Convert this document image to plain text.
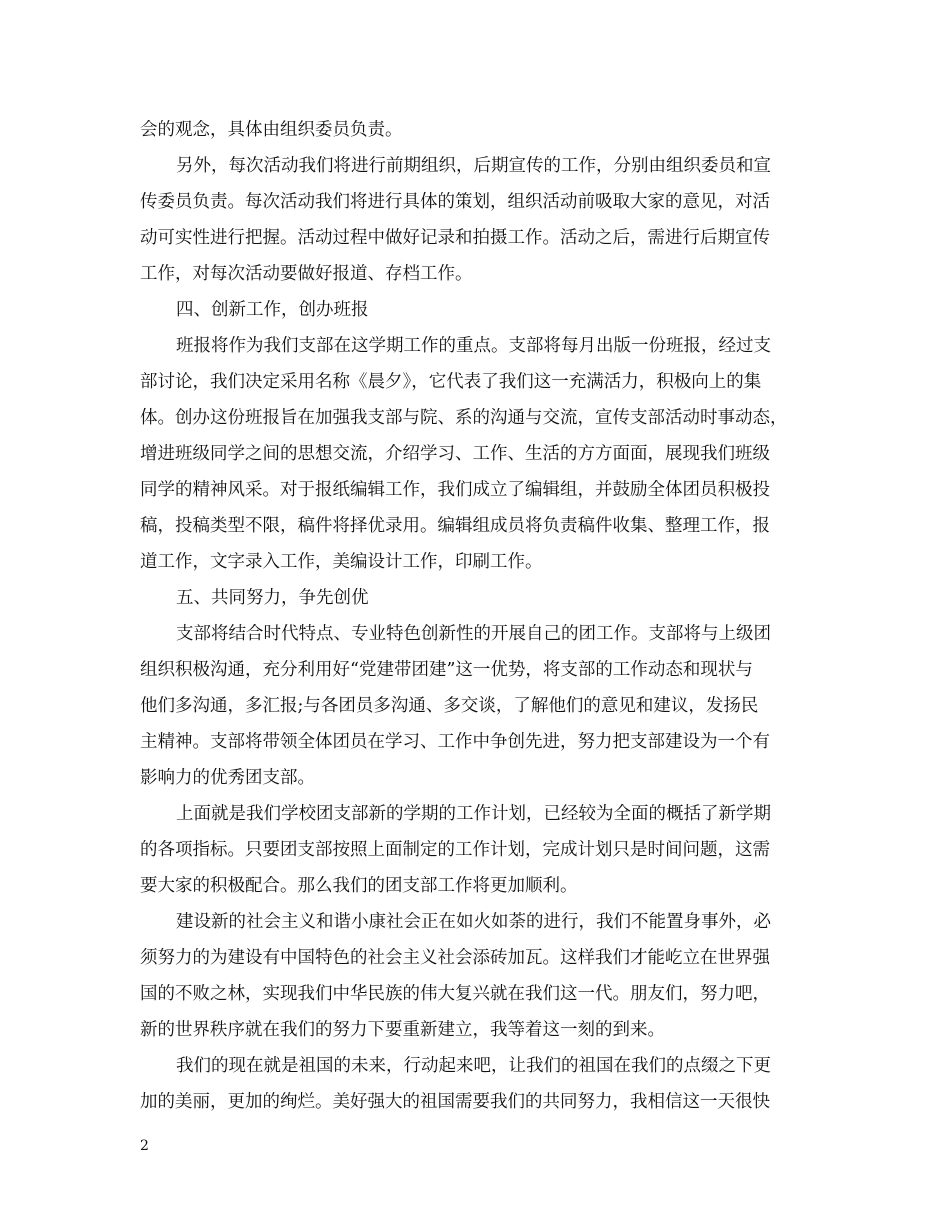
会的观念，具体由组织委员负责。
另外，每次活动我们将进行前期组织，后期宣传的工作，分别由组织委员和宣
传委员负责。每次活动我们将进行具体的策划，组织活动前吸取大家的意见，对活
动可实性进行把握。活动过程中做好记录和拍摄工作。活动之后，需进行后期宣传
工作，对每次活动要做好报道、存档工作。
四、创新工作，创办班报
班报将作为我们支部在这学期工作的重点。支部将每月出版一份班报，经过支
部讨论，我们决定采用名称《晨夕》，它代表了我们这一充满活力，积极向上的集
体。创办这份班报旨在加强我支部与院、系的沟通与交流，宣传支部活动时事动态，
增进班级同学之间的思想交流，介绍学习、工作、生活的方方面面，展现我们班级
同学的精神风采。对于报纸编辑工作，我们成立了编辑组，并鼓励全体团员积极投
稿，投稿类型不限，稿件将择优录用。编辑组成员将负责稿件收集、整理工作，报
道工作，文字录入工作，美编设计工作，印刷工作。
五、共同努力，争先创优
支部将结合时代特点、专业特色创新性的开展自己的团工作。支部将与上级团
组织积极沟通，充分利用好“党建带团建”这一优势，将支部的工作动态和现状与
他们多沟通，多汇报;与各团员多沟通、多交谈，了解他们的意见和建议，发扬民
主精神。支部将带领全体团员在学习、工作中争创先进，努力把支部建设为一个有
影响力的优秀团支部。
上面就是我们学校团支部新的学期的工作计划，已经较为全面的概括了新学期
的各项指标。只要团支部按照上面制定的工作计划，完成计划只是时间问题，这需
要大家的积极配合。那么我们的团支部工作将更加顺利。
建设新的社会主义和谐小康社会正在如火如荼的进行，我们不能置身事外，必
须努力的为建设有中国特色的社会主义社会添砖加瓦。这样我们才能屹立在世界强
国的不败之林，实现我们中华民族的伟大复兴就在我们这一代。朋友们，努力吧，
新的世界秩序就在我们的努力下要重新建立，我等着这一刻的到来。
我们的现在就是祖国的未来，行动起来吧，让我们的祖国在我们的点缀之下更
加的美丽，更加的绚烂。美好强大的祖国需要我们的共同努力，我相信这一天很快
2
